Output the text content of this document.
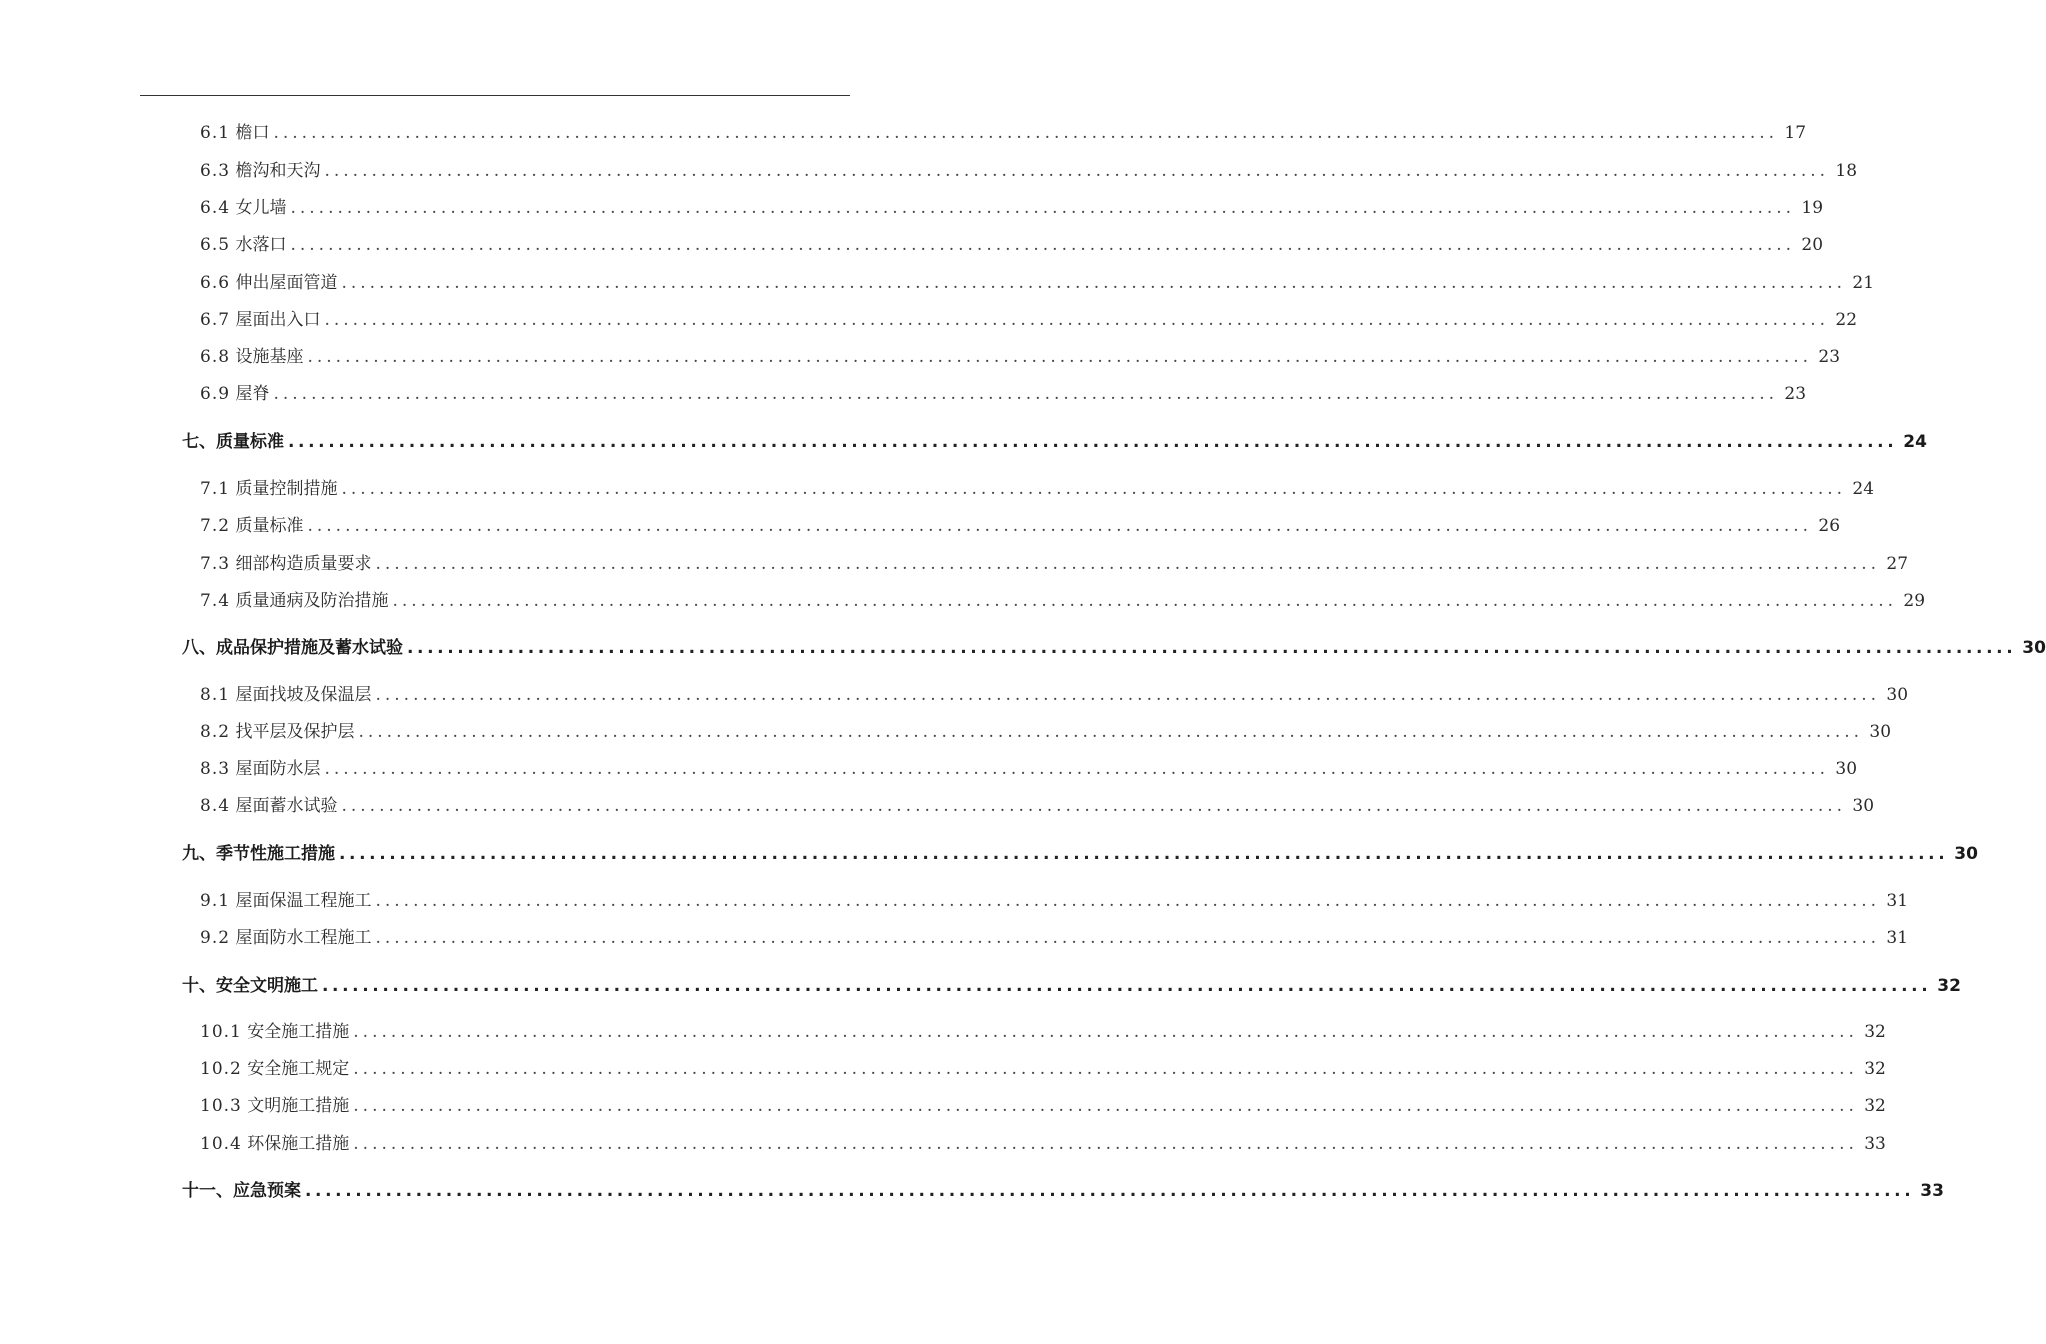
6.1 檐口 ................................................................................................................................................................ 17
6.3 檐沟和天沟 ................................................................................................................................................................ 18
6.4 女儿墙 ................................................................................................................................................................ 19
6.5 水落口 ................................................................................................................................................................ 20
6.6 伸出屋面管道 ................................................................................................................................................................ 21
6.7 屋面出入口 ................................................................................................................................................................ 22
6.8 设施基座 ................................................................................................................................................................ 23
6.9 屋脊 ................................................................................................................................................................ 23
七、质量标准 ................................................................................................................................................................ 24
7.1 质量控制措施 ................................................................................................................................................................ 24
7.2 质量标准 ................................................................................................................................................................ 26
7.3 细部构造质量要求 ................................................................................................................................................................ 27
7.4 质量通病及防治措施 ................................................................................................................................................................ 29
八、成品保护措施及蓄水试验 ................................................................................................................................................................ 30
8.1 屋面找坡及保温层 ................................................................................................................................................................ 30
8.2 找平层及保护层 ................................................................................................................................................................ 30
8.3 屋面防水层 ................................................................................................................................................................ 30
8.4 屋面蓄水试验 ................................................................................................................................................................ 30
九、季节性施工措施 ................................................................................................................................................................ 30
9.1 屋面保温工程施工 ................................................................................................................................................................ 31
9.2 屋面防水工程施工 ................................................................................................................................................................ 31
十、安全文明施工 ................................................................................................................................................................ 32
10.1 安全施工措施 ................................................................................................................................................................ 32
10.2 安全施工规定 ................................................................................................................................................................ 32
10.3 文明施工措施 ................................................................................................................................................................ 32
10.4 环保施工措施 ................................................................................................................................................................ 33
十一、应急预案 ................................................................................................................................................................ 33
